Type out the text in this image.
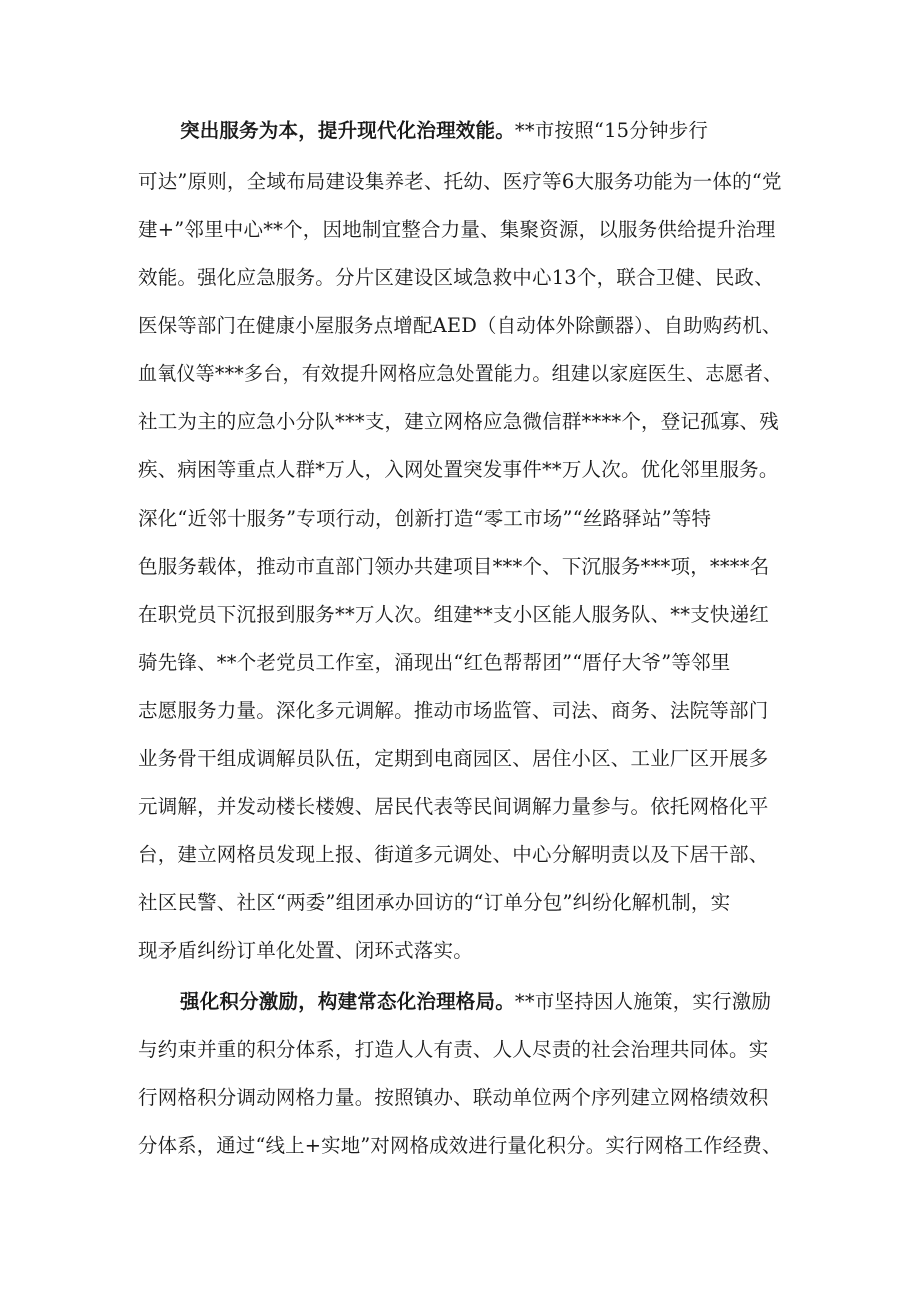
突出服务为本，提升现代化治理效能。**市按照“15分钟步行
可达”原则，全域布局建设集养老、托幼、医疗等6大服务功能为一体的“党
建+”邻里中心**个，因地制宜整合力量、集聚资源，以服务供给提升治理
效能。强化应急服务。分片区建设区域急救中心13个，联合卫健、民政、
医保等部门在健康小屋服务点增配AED（自动体外除颤器）、自助购药机、
血氧仪等***多台，有效提升网格应急处置能力。组建以家庭医生、志愿者、
社工为主的应急小分队***支，建立网格应急微信群****个，登记孤寡、残
疾、病困等重点人群*万人，入网处置突发事件**万人次。优化邻里服务。
深化“近邻十服务”专项行动，创新打造“零工市场”“丝路驿站”等特
色服务载体，推动市直部门领办共建项目***个、下沉服务***项，****名
在职党员下沉报到服务**万人次。组建**支小区能人服务队、**支快递红
骑先锋、**个老党员工作室，涌现出“红色帮帮团”“厝仔大爷”等邻里
志愿服务力量。深化多元调解。推动市场监管、司法、商务、法院等部门
业务骨干组成调解员队伍，定期到电商园区、居住小区、工业厂区开展多
元调解，并发动楼长楼嫂、居民代表等民间调解力量参与。依托网格化平
台，建立网格员发现上报、街道多元调处、中心分解明责以及下居干部、
社区民警、社区“两委”组团承办回访的“订单分包”纠纷化解机制，实
现矛盾纠纷订单化处置、闭环式落实。
强化积分激励，构建常态化治理格局。**市坚持因人施策，实行激励
与约束并重的积分体系，打造人人有责、人人尽责的社会治理共同体。实
行网格积分调动网格力量。按照镇办、联动单位两个序列建立网格绩效积
分体系，通过“线上+实地”对网格成效进行量化积分。实行网格工作经费、
